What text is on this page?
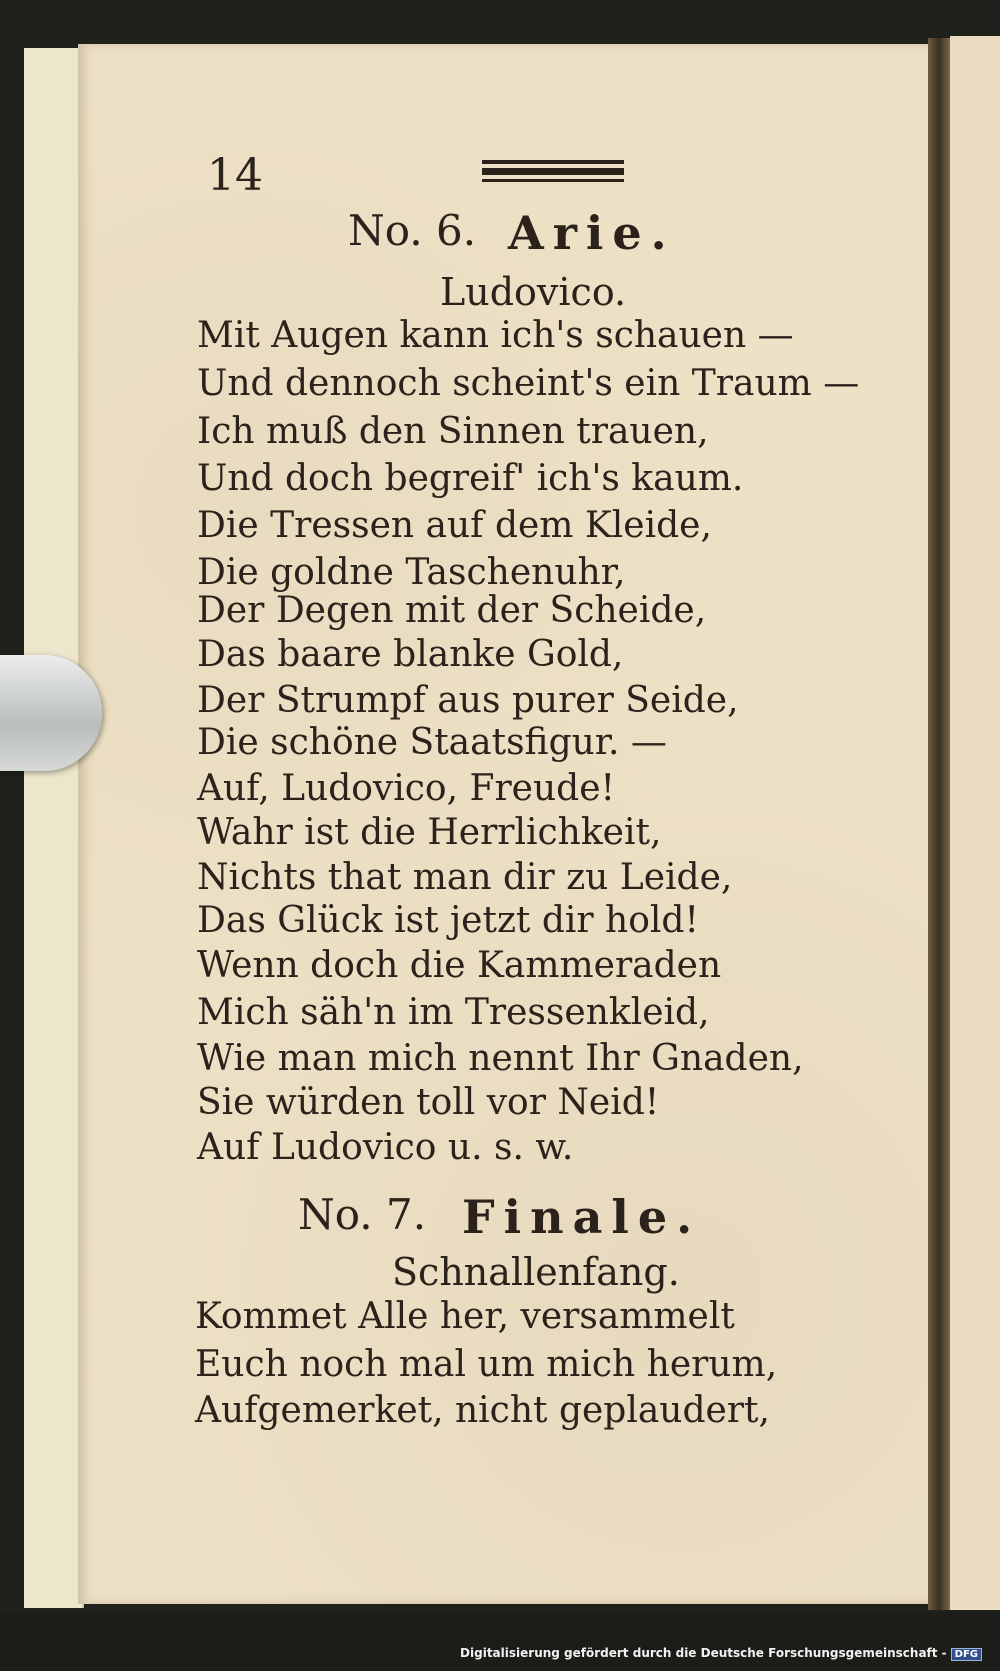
14
No. 6. Arie.
Ludovico.
Mit Augen kann ich's schauen —
Und dennoch scheint's ein Traum —
Ich muß den Sinnen trauen,
Und doch begreif' ich's kaum.
Die Tressen auf dem Kleide,
Die goldne Taschenuhr,
Der Degen mit der Scheide,
Das baare blanke Gold,
Der Strumpf aus purer Seide,
Die schöne Staatsfigur. —
Auf, Ludovico, Freude!
Wahr ist die Herrlichkeit,
Nichts that man dir zu Leide,
Das Glück ist jetzt dir hold!
Wenn doch die Kammeraden
Mich säh'n im Tressenkleid,
Wie man mich nennt Ihr Gnaden,
Sie würden toll vor Neid!
Auf Ludovico u. s. w.
No. 7. Finale.
Schnallenfang.
Kommet Alle her, versammelt
Euch noch mal um mich herum,
Aufgemerket, nicht geplaudert,
Digitalisierung gefördert durch die Deutsche Forschungsgemeinschaft - DFG
